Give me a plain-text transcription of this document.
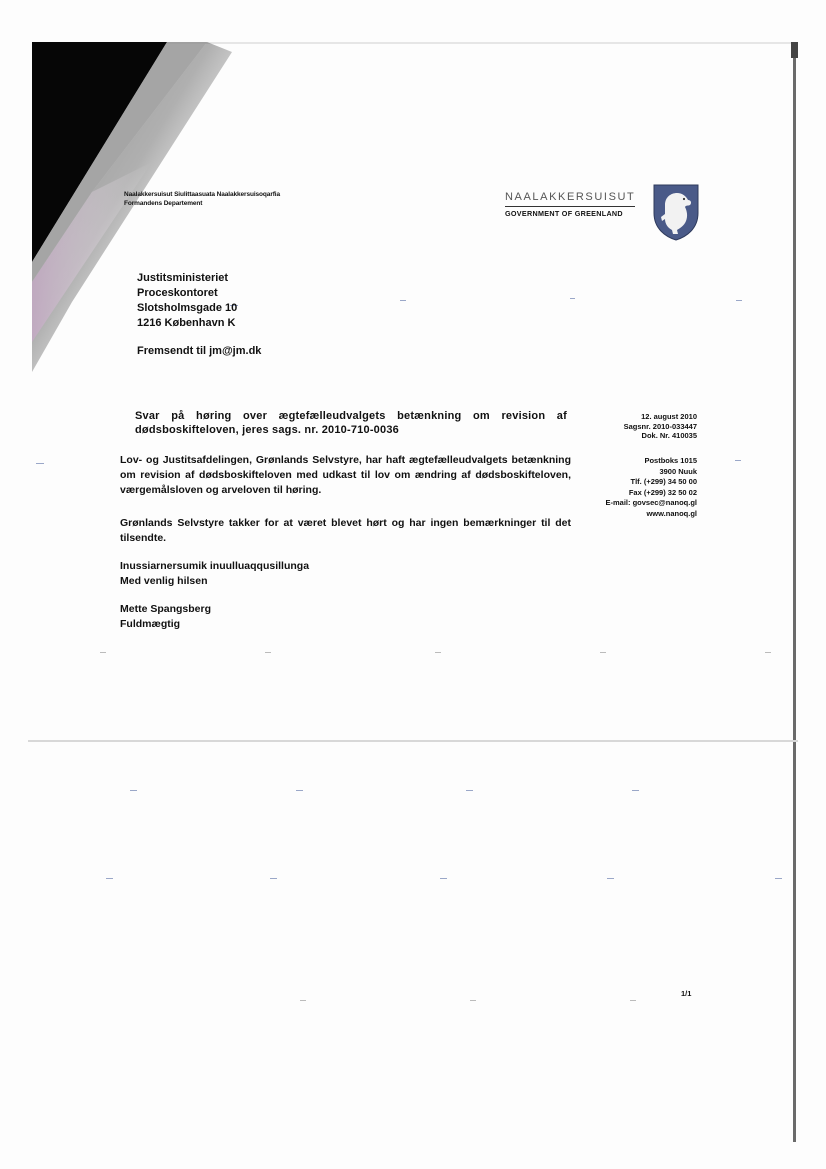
Naalakkersuisut Siulittaasuata Naalakkersuisoqarfia
Formandens Departement
NAALAKKERSUISUT
GOVERNMENT OF GREENLAND
Justitsministeriet
Proceskontoret
Slotsholmsgade 10
1216 København K
Fremsendt til jm@jm.dk
Svar på høring over ægtefælleudvalgets betænkning om revision af
dødsboskifteloven, jeres sags. nr. 2010-710-0036
12. august 2010
Sagsnr. 2010-033447
Dok. Nr. 410035
Postboks 1015
3900 Nuuk
Tlf. (+299) 34 50 00
Fax (+299) 32 50 02
E-mail: govsec@nanoq.gl
www.nanoq.gl
Lov- og Justitsafdelingen, Grønlands Selvstyre, har haft ægtefælleudvalgets betænkning om revision af dødsboskifteloven med udkast til lov om ændring af dødsboskifteloven, værgemålsloven og arveloven til høring.
Grønlands Selvstyre takker for at været blevet hørt og har ingen bemærkninger til det tilsendte.
Inussiarnersumik inuulluaqqusillunga
Med venlig hilsen
Mette Spangsberg
Fuldmægtig
1/1
